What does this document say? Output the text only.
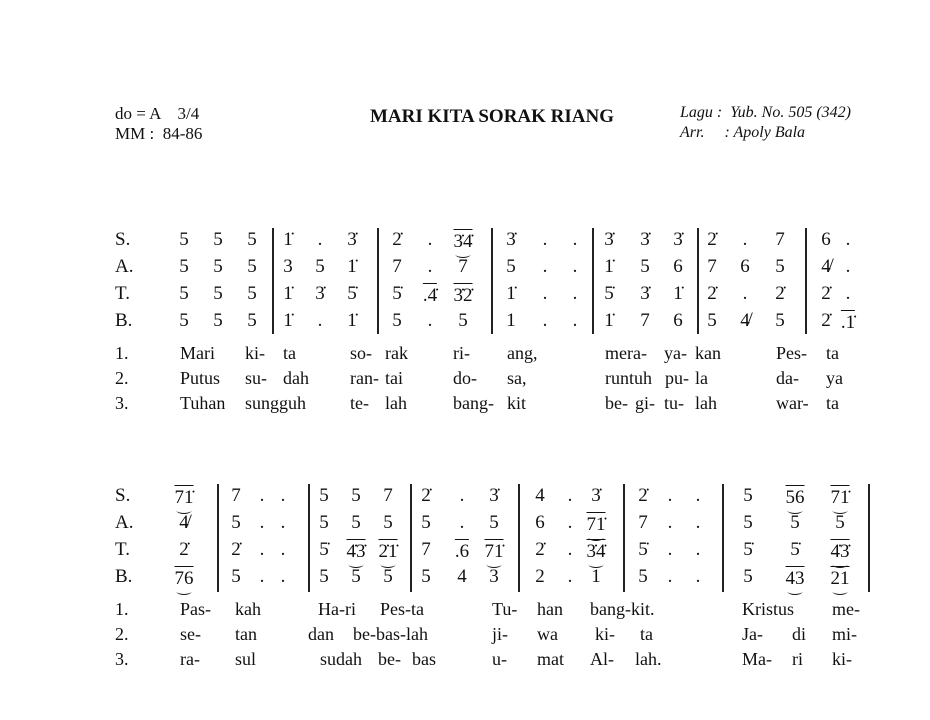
do = A    3/4
MM :  84-86
MARI KITA SORAK RIANG	Lagu :  Yub. No. 505 (342)
Arr.     : Apoly Bala
S.	5 5 5 1̇ . 3̇ 2̇ . 3̇4̇ 3̇ . . 3̇ 3̇ 3̇ 2̇ . 7 6 .
A. 5 5 5 3 5 1̇ 7 . 7 5 . . 1̇ 5 6 7 6 5 4̸ .
T.	5 5 5 1̇ 3̇ 5̇ 5̇ .4̇ 3̇2̇ 1̇ . . 5̇ 3̇ 1̇ 2̇ . 2̇ 2̇ .
B. 5 5 5 1̇ . 1̇ 5 . 5 1 . . 1̇ 7 6 5 4̸ 5 2̇ .1̇
1.	Mari ki- ta	so- rak	ri- ang,	mera- ya- kan	Pes- ta
2.	Putus su- dah ran- tai	do- sa,	runtuh pu- la	da- ya
3.	Tuhan sungguh te- lah	bang- kit	be- gi- tu- lah	war- ta
S. 71̇ 7 . . 5 5 7 2̇ . 3̇ 4 . 3̇ 2̇ . . 5 56 71̇
A. 4̸ 5 . . 5 5 5 5 . 5 6 . 71̇ 7 . . 5 5 5
T.	2̇ 2̇ . . 5̇ 4̇3̇ 2̇1̇ 7 .6 71̇ 2̇ . 3̇4̇ 5̇ . . 5̇ 5̇ 4̇3̇
B. 76 5 . . 5 5 5 5 4 3 2 . 1 5 . . 5 43 21
1.	Pas- kah	Ha-ri Pes-ta	Tu- han bang-kit.	Kristus me-
2.	se- tan	dan be-bas-lah	ji- wa ki- ta	Ja- di mi-
3.	ra- sul	sudah be- bas	u- mat Al- lah.	Ma- ri ki-
